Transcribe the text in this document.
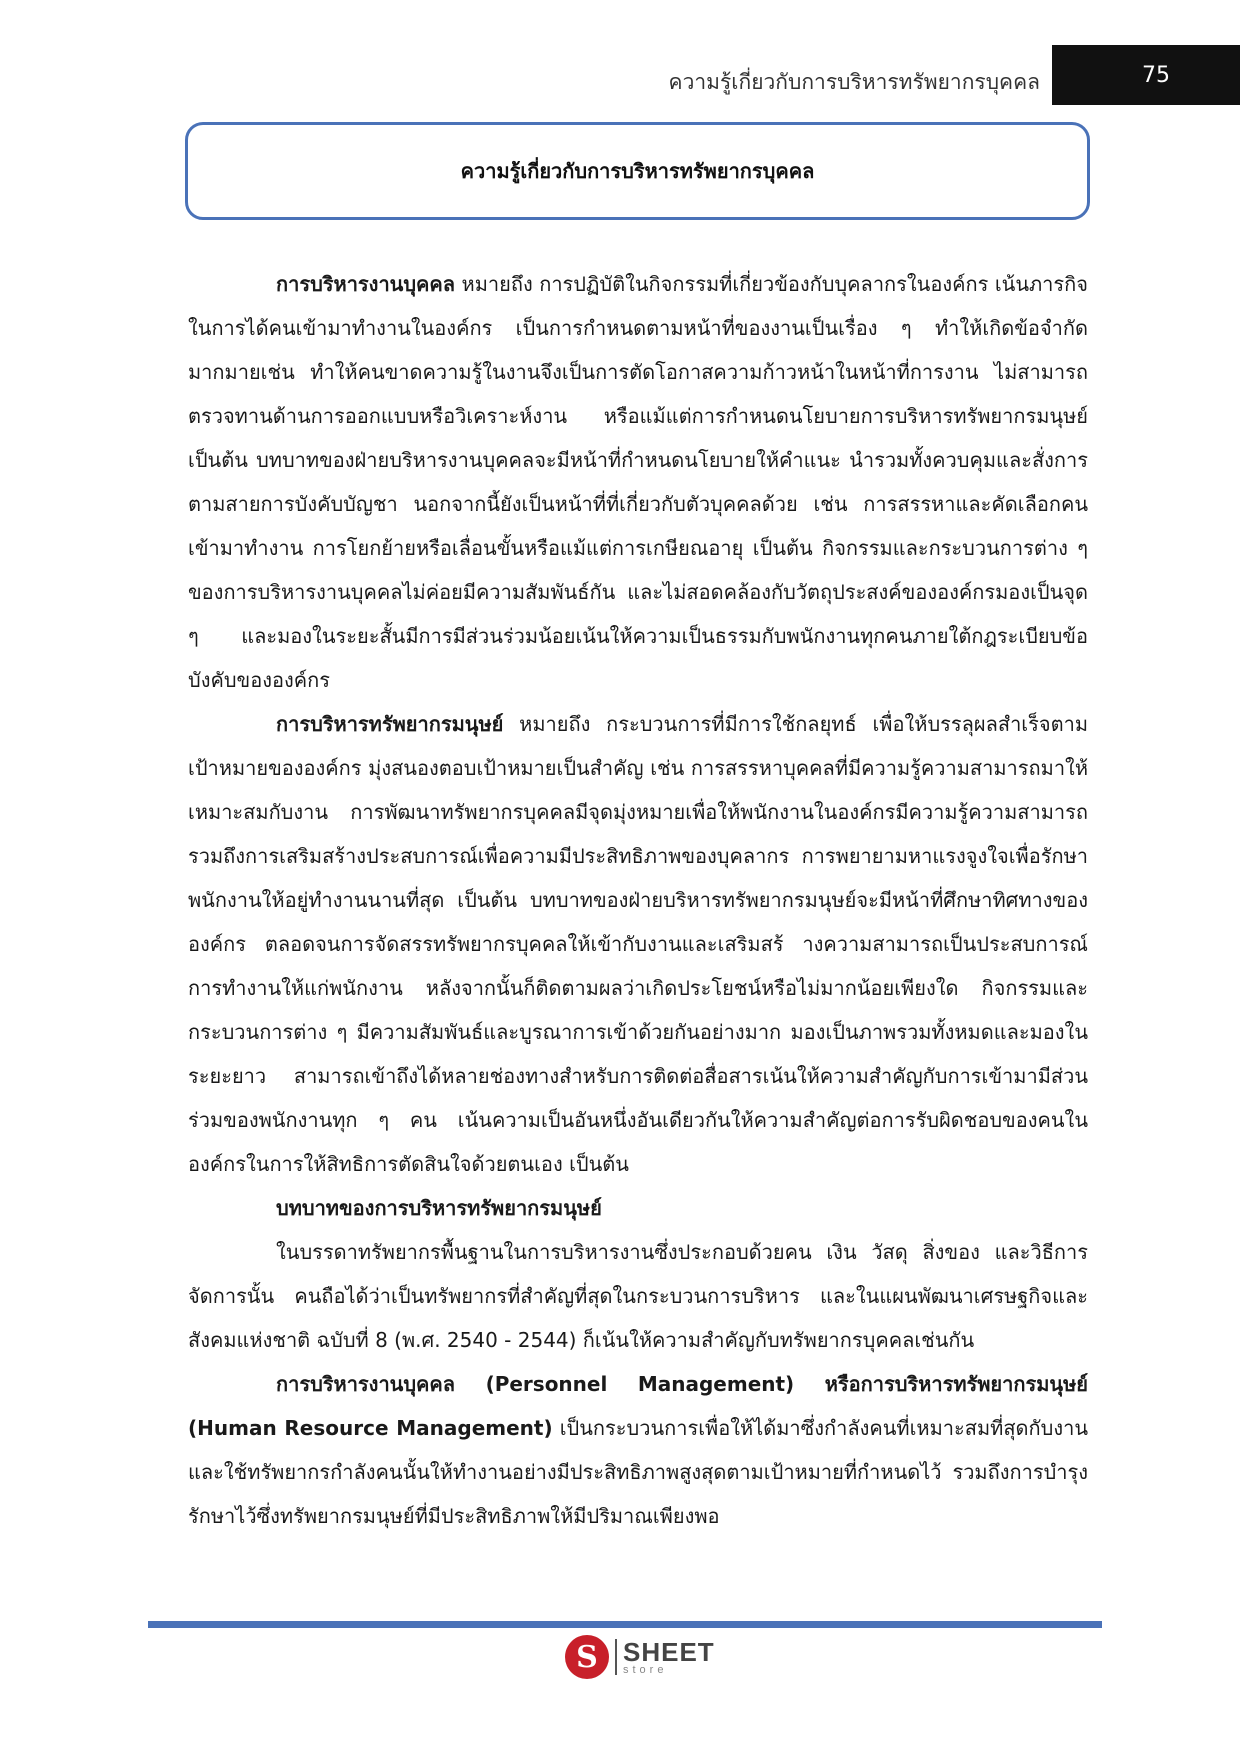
ความรู้เกี่ยวกับการบริหารทรัพยากรบุคคล	75
ความรู้เกี่ยวกับการบริหารทรัพยากรบุคคล

การบริหารงานบุคคล หมายถึง การปฏิบัติในกิจกรรมที่เกี่ยวข้องกับบุคลากรในองค์กร เน้นภารกิจในการได้คนเข้ามาทำงานในองค์กร เป็นการกำหนดตามหน้าที่ของงานเป็นเรื่อง ๆ ทำให้เกิดข้อจำกัดมากมายเช่น ทำให้คนขาดความรู้ในงานจึงเป็นการตัดโอกาสความก้าวหน้าในหน้าที่การงาน ไม่สามารถตรวจทานด้านการออกแบบหรือวิเคราะห์งาน หรือแม้แต่การกำหนดนโยบายการบริหารทรัพยากรมนุษย์ เป็นต้น บทบาทของฝ่ายบริหารงานบุคคลจะมีหน้าที่กำหนดนโยบายให้คำแนะ นำรวมทั้งควบคุมและสั่งการตามสายการบังคับบัญชา นอกจากนี้ยังเป็นหน้าที่ที่เกี่ยวกับตัวบุคคลด้วย เช่น การสรรหาและคัดเลือกคนเข้ามาทำงาน การโยกย้ายหรือเลื่อนขั้นหรือแม้แต่การเกษียณอายุ เป็นต้น กิจกรรมและกระบวนการต่าง ๆ ของการบริหารงานบุคคลไม่ค่อยมีความสัมพันธ์กัน และไม่สอดคล้องกับวัตถุประสงค์ขององค์กรมองเป็นจุด ๆ และมองในระยะสั้นมีการมีส่วนร่วมน้อยเน้นให้ความเป็นธรรมกับพนักงานทุกคนภายใต้กฎระเบียบข้อบังคับขององค์กร

การบริหารทรัพยากรมนุษย์ หมายถึง กระบวนการที่มีการใช้กลยุทธ์ เพื่อให้บรรลุผลสำเร็จตามเป้าหมายขององค์กร มุ่งสนองตอบเป้าหมายเป็นสำคัญ เช่น การสรรหาบุคคลที่มีความรู้ความสามารถมาให้เหมาะสมกับงาน การพัฒนาทรัพยากรบุคคลมีจุดมุ่งหมายเพื่อให้พนักงานในองค์กรมีความรู้ความสามารถ รวมถึงการเสริมสร้างประสบการณ์เพื่อความมีประสิทธิภาพของบุคลากร การพยายามหาแรงจูงใจเพื่อรักษาพนักงานให้อยู่ทำงานนานที่สุด เป็นต้น บทบาทของฝ่ายบริหารทรัพยากรมนุษย์จะมีหน้าที่ศึกษาทิศทางขององค์กร ตลอดจนการจัดสรรทรัพยากรบุคคลให้เข้ากับงานและเสริมสร้ างความสามารถเป็นประสบการณ์การทำงานให้แก่พนักงาน หลังจากนั้นก็ติดตามผลว่าเกิดประโยชน์หรือไม่มากน้อยเพียงใด กิจกรรมและกระบวนการต่าง ๆ มีความสัมพันธ์และบูรณาการเข้าด้วยกันอย่างมาก มองเป็นภาพรวมทั้งหมดและมองในระยะยาว สามารถเข้าถึงได้หลายช่องทางสำหรับการติดต่อสื่อสารเน้นให้ความสำคัญกับการเข้ามามีส่วนร่วมของพนักงานทุก ๆ คน เน้นความเป็นอันหนึ่งอันเดียวกันให้ความสำคัญต่อการรับผิดชอบของคนในองค์กรในการให้สิทธิการตัดสินใจด้วยตนเอง เป็นต้น

บทบาทของการบริหารทรัพยากรมนุษย์

ในบรรดาทรัพยากรพื้นฐานในการบริหารงานซึ่งประกอบด้วยคน เงิน วัสดุ สิ่งของ และวิธีการจัดการนั้น คนถือได้ว่าเป็นทรัพยากรที่สำคัญที่สุดในกระบวนการบริหาร และในแผนพัฒนาเศรษฐกิจและสังคมแห่งชาติ ฉบับที่ 8 (พ.ศ. 2540 - 2544) ก็เน้นให้ความสำคัญกับทรัพยากรบุคคลเช่นกัน

การบริหารงานบุคคล (Personnel Management) หรือการบริหารทรัพยากรมนุษย์ (Human Resource Management) เป็นกระบวนการเพื่อให้ได้มาซึ่งกำลังคนที่เหมาะสมที่สุดกับงาน และใช้ทรัพยากรกำลังคนนั้นให้ทำงานอย่างมีประสิทธิภาพสูงสุดตามเป้าหมายที่กำหนดไว้ รวมถึงการบำรุงรักษาไว้ซึ่งทรัพยากรมนุษย์ที่มีประสิทธิภาพให้มีปริมาณเพียงพอ

S SHEET
store
